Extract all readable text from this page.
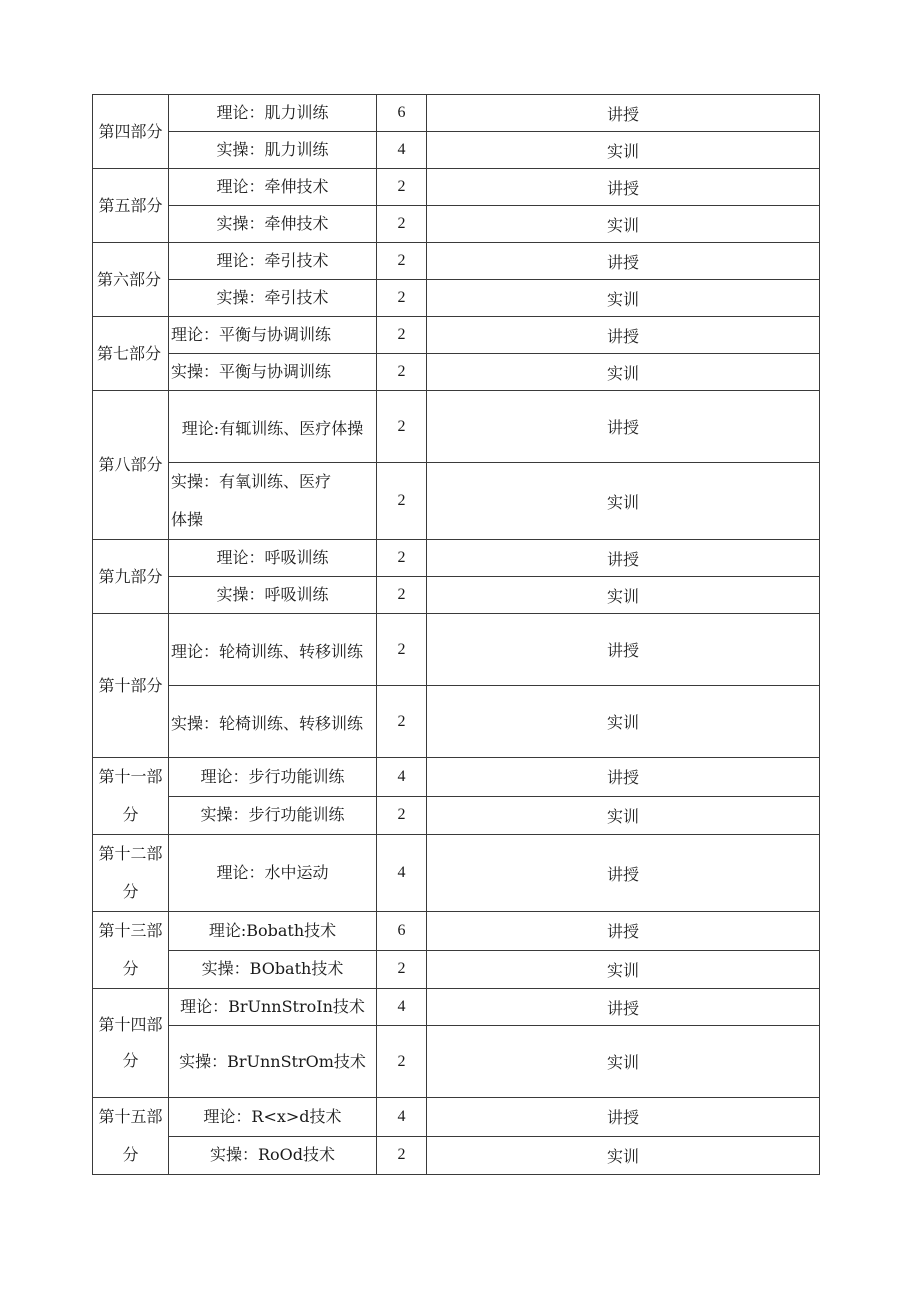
第四部分	理论：肌力训练	6	讲授

	实操：肌力训练	4	实训
第五部分	理论：牵伸技术	2	讲授

	实操：牵伸技术	2	实训
第六部分	理论：牵引技术	2	讲授

	实操：牵引技术	2	实训
第七部分	理论：平衡与协调训练	2	讲授

	实操：平衡与协调训练	2	实训
第八部分	理论:有辄训练、医疗体操	2	讲授

	实操：有氧训练、医疗体操	2	实训
第九部分	理论：呼吸训练	2	讲授

	实操：呼吸训练	2	实训
第十部分	理论：轮椅训练、转移训练	2	讲授

	实操：轮椅训练、转移训练	2	实训
第十一部分	理论：步行功能训练	4	讲授

	实操：步行功能训练	2	实训
第十二部分	理论：水中运动	4	讲授
第十三部分	理论:Bobath技术	6	讲授

	实操：BObath技术	2	实训
第十四部分	理论：BrUnnStroIn技术	4	讲授

	实操：BrUnnStrOm技术	2	实训
第十五部分	理论：R<x>d技术	4	讲授

	实操：RoOd技术	2	实训
